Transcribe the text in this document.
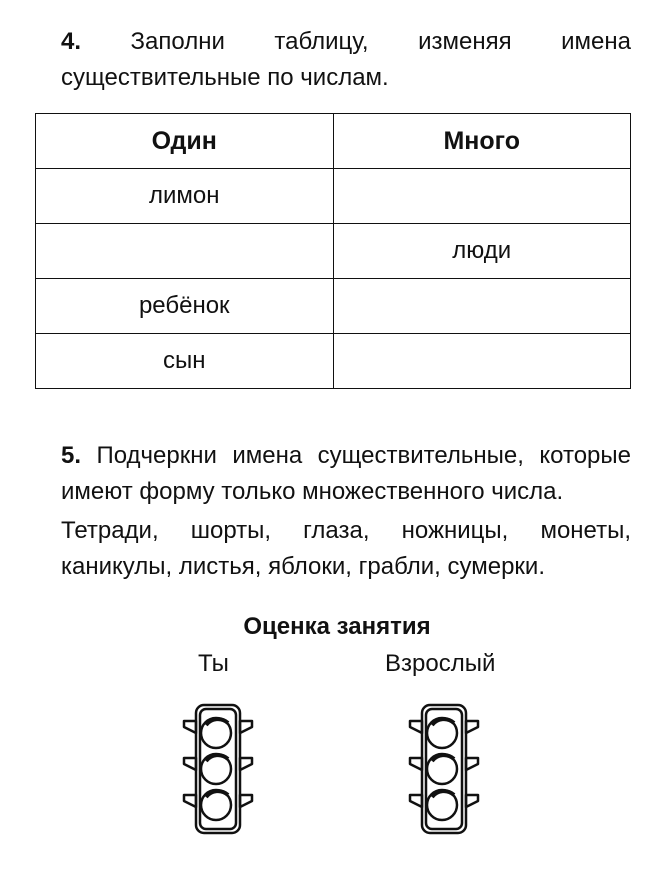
4. Заполни таблицу, изменяя имена существительные по числам.
Один	Много
лимон	
	люди
ребёнок	
сын	
5. Подчеркни имена существительные, которые имеют форму только множественного числа.
Тетради, шорты, глаза, ножницы, монеты, каникулы, листья, яблоки, грабли, сумерки.
Оценка занятия
Ты	Взрослый
